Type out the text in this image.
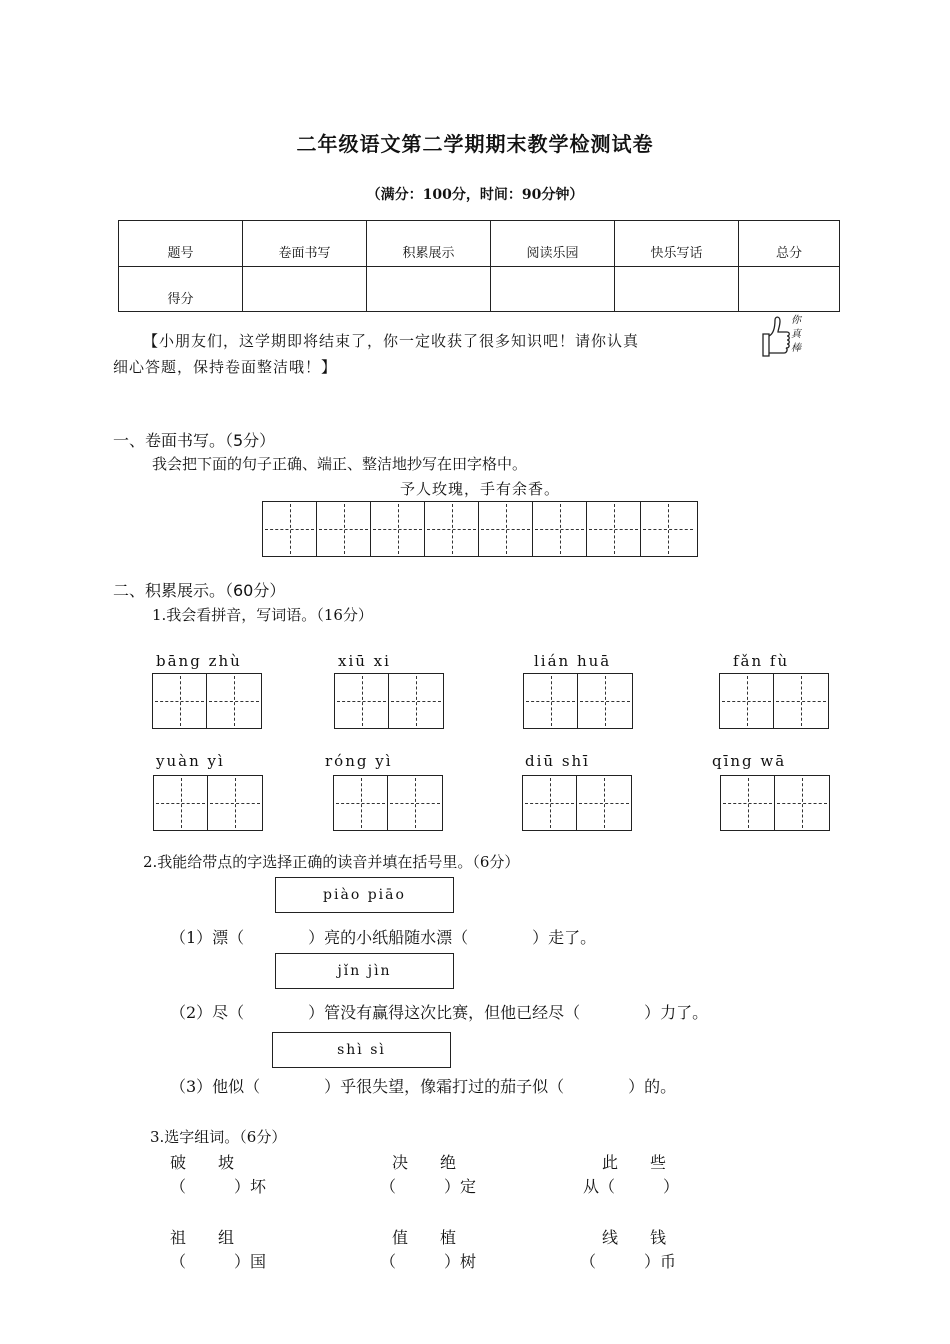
二年级语文第二学期期末教学检测试卷
（满分：100分，时间：90分钟）
题号	卷面书写	积累展示	阅读乐园	快乐写话	总分
得分					
【小朋友们，这学期即将结束了，你一定收获了很多知识吧！请你认真
细心答题，保持卷面整洁哦！】
你真棒
一、卷面书写。（5分）
我会把下面的句子正确、端正、整洁地抄写在田字格中。
予人玫瑰，手有余香。
二、积累展示。（60分）
1.我会看拼音，写词语。（16分）
bāng zhù	xiū xi	lián huā	fǎn fù
yuàn yì	róng yì	diū shī	qīng wā
2.我能给带点的字选择正确的读音并填在括号里。（6分）
piào piāo
（1）漂（　　　　）亮的小纸船随水漂（　　　　）走了。
jǐn jìn
（2）尽（　　　　）管没有赢得这次比赛，但他已经尽（　　　　）力了。
shì sì
（3）他似（　　　　）乎很失望，像霜打过的茄子似（　　　　）的。
3.选字组词。（6分）
破　　坡
（　　　）坏
决　　绝
（　　　）定
此　　些
从（　　　）
祖　　组
（　　　）国
值　　植
（　　　）树
线　　钱
（　　　）币
